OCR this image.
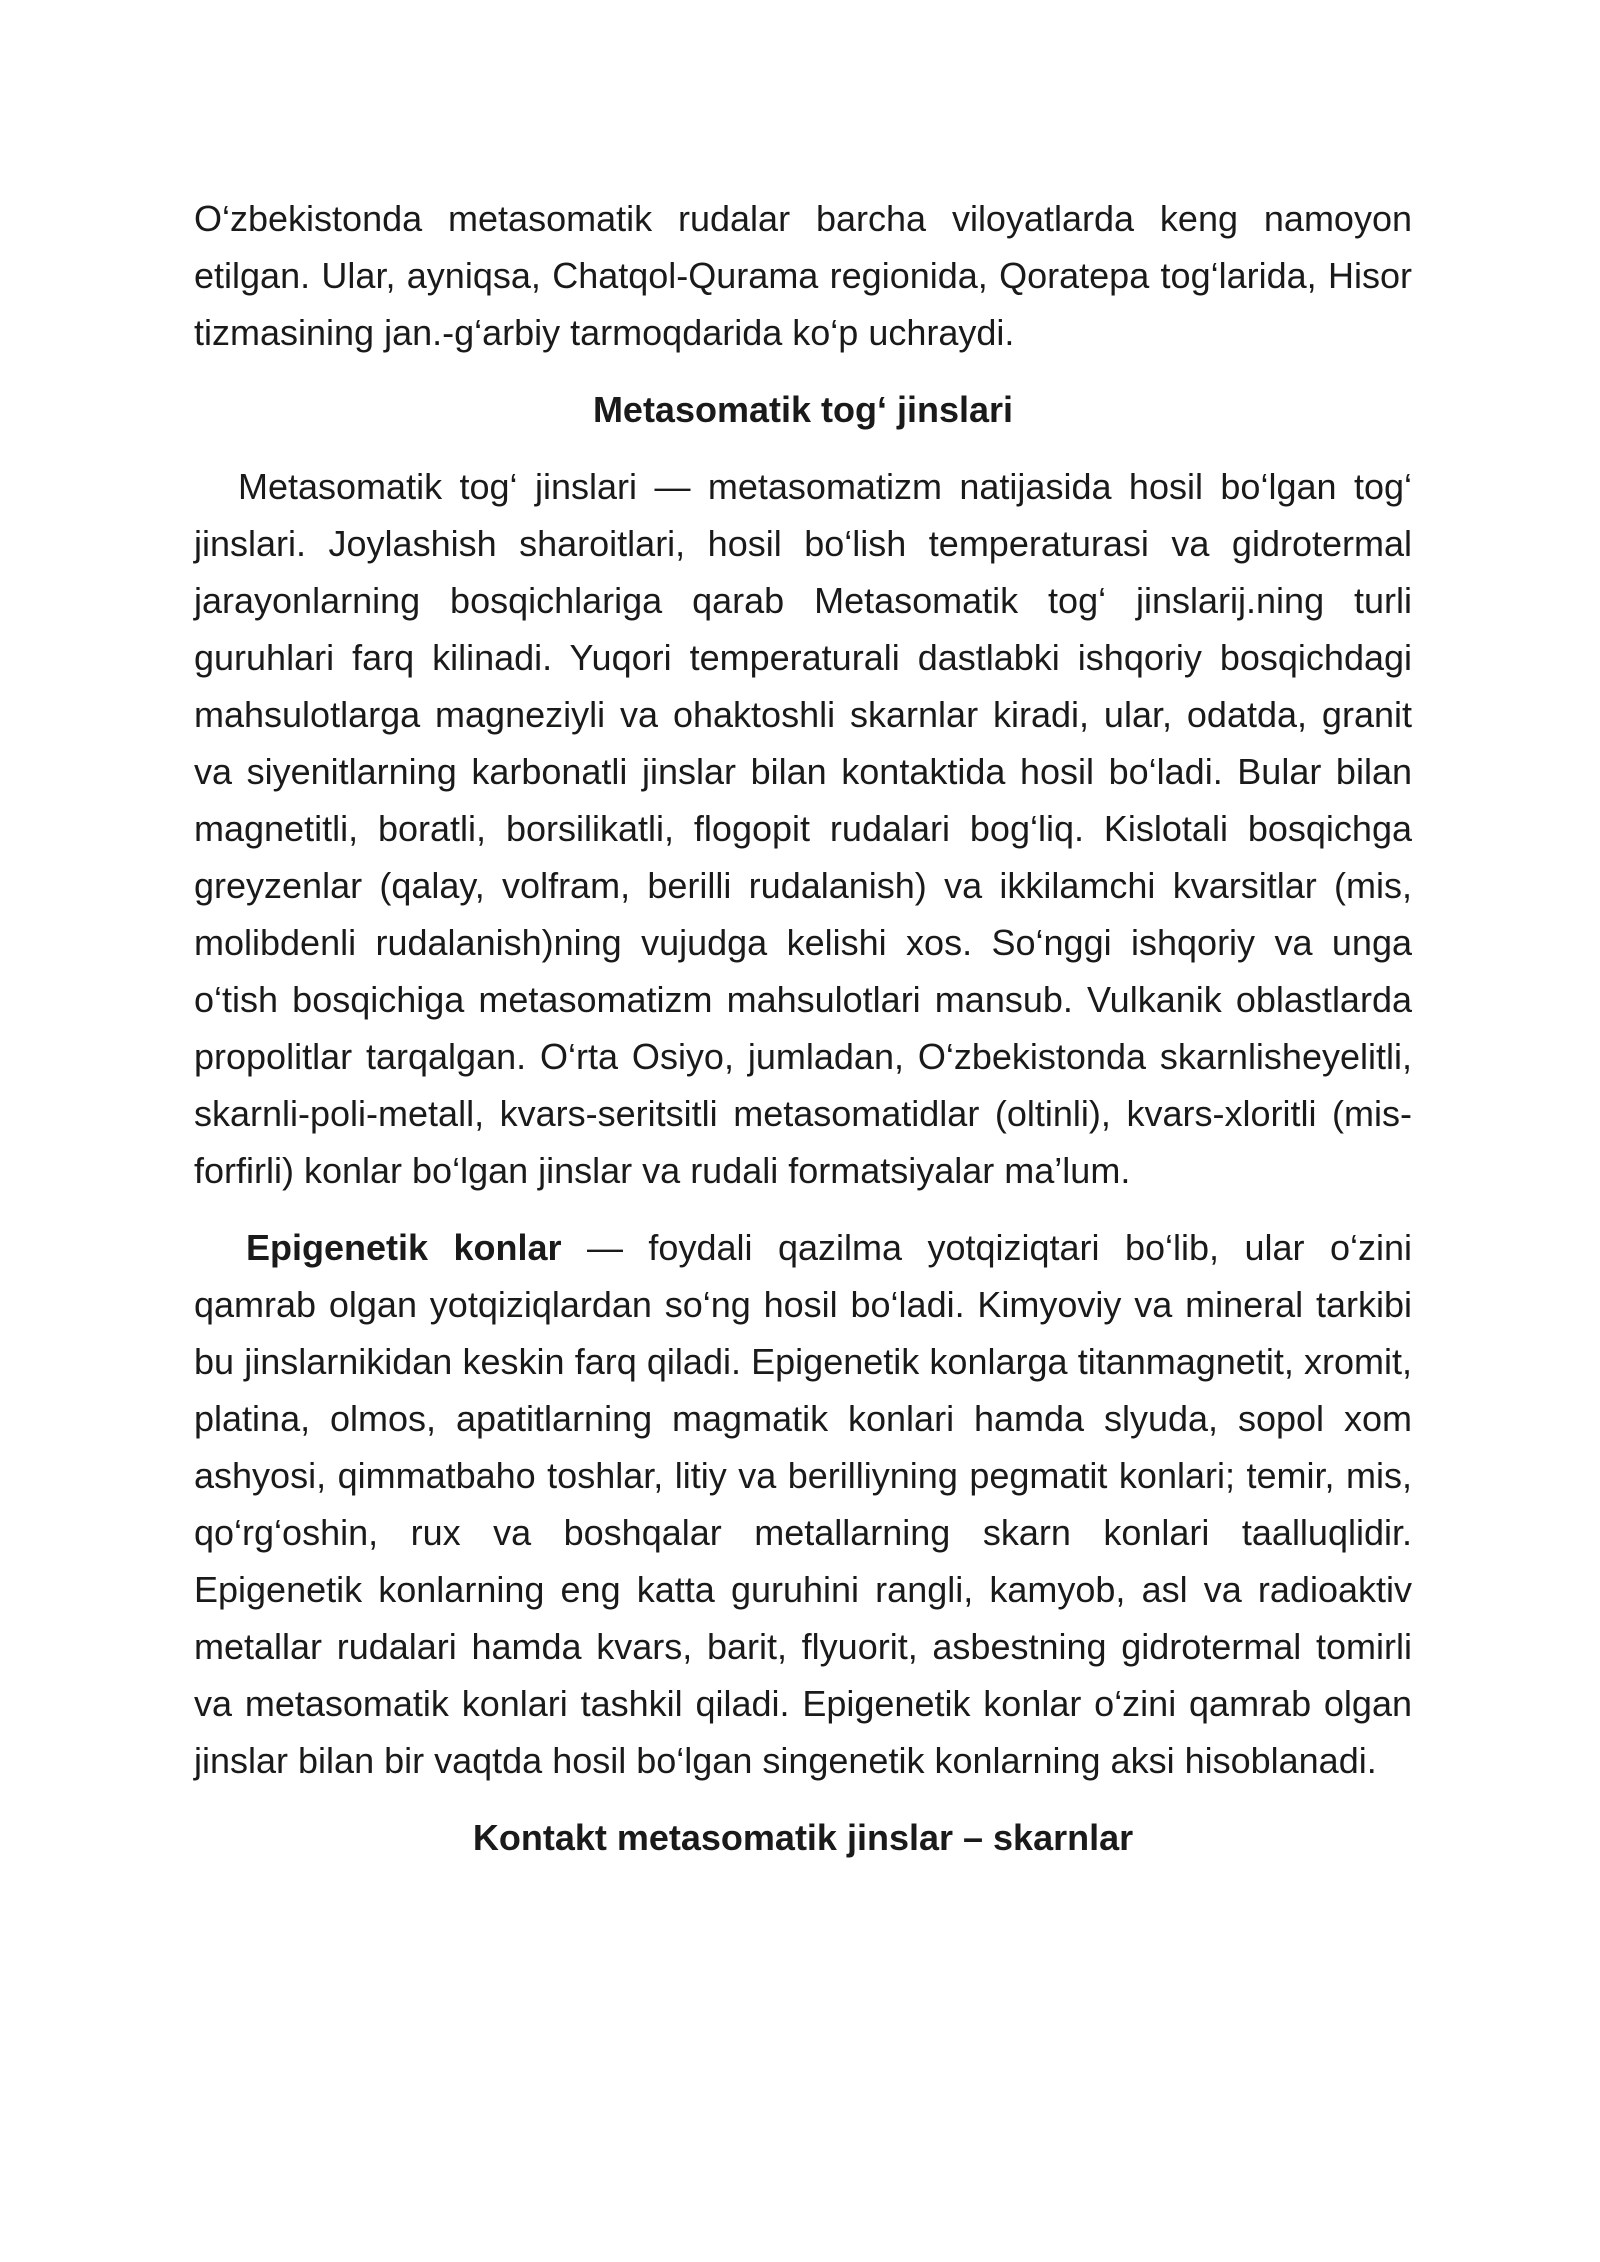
O‘zbekistonda metasomatik rudalar barcha viloyatlarda keng namoyon etilgan. Ular, ayniqsa, Chatqol-Qurama regionida, Qoratepa tog‘larida, Hisor tizmasining jan.-g‘arbiy tarmoqdarida ko‘p uchraydi.

Metasomatik tog‘ jinslari

Metasomatik tog‘ jinslari — metasomatizm natijasida hosil bo‘lgan tog‘ jinslari. Joylashish sharoitlari, hosil bo‘lish temperaturasi va gidrotermal jarayonlarning bosqichlariga qarab Metasomatik tog‘ jinslarij.ning turli guruhlari farq kilinadi. Yuqori temperaturali dastlabki ishqoriy bosqichdagi mahsulotlarga magneziyli va ohaktoshli skarnlar kiradi, ular, odatda, granit va siyenitlarning karbonatli jinslar bilan kontaktida hosil bo‘ladi. Bular bilan magnetitli, boratli, borsilikatli, flogopit rudalari bog‘liq. Kislotali bosqichga greyzenlar (qalay, volfram, berilli rudalanish) va ikkilamchi kvarsitlar (mis, molibdenli rudalanish)ning vujudga kelishi xos. So‘nggi ishqoriy va unga o‘tish bosqichiga metasomatizm mahsulotlari mansub. Vulkanik oblastlarda propolitlar tarqalgan. O‘rta Osiyo, jumladan, O‘zbekistonda skarnlisheyelitli, skarnli-poli-metall, kvars-seritsitli metasomatidlar (oltinli), kvars-xloritli (mis-forfirli) konlar bo‘lgan jinslar va rudali formatsiyalar ma’lum.

Epigenetik konlar — foydali qazilma yotqiziqtari bo‘lib, ular o‘zini qamrab olgan yotqiziqlardan so‘ng hosil bo‘ladi. Kimyoviy va mineral tarkibi bu jinslarnikidan keskin farq qiladi. Epigenetik konlarga titanmagnetit, xromit, platina, olmos, apatitlarning magmatik konlari hamda slyuda, sopol xom ashyosi, qimmatbaho toshlar, litiy va berilliyning pegmatit konlari; temir, mis, qo‘rg‘oshin, rux va boshqalar metallarning skarn konlari taalluqlidir. Epigenetik konlarning eng katta guruhini rangli, kamyob, asl va radioaktiv metallar rudalari hamda kvars, barit, flyuorit, asbestning gidrotermal tomirli va metasomatik konlari tashkil qiladi. Epigenetik konlar o‘zini qamrab olgan jinslar bilan bir vaqtda hosil bo‘lgan singenetik konlarning aksi hisoblanadi.

Kontakt metasomatik jinslar – skarnlar
